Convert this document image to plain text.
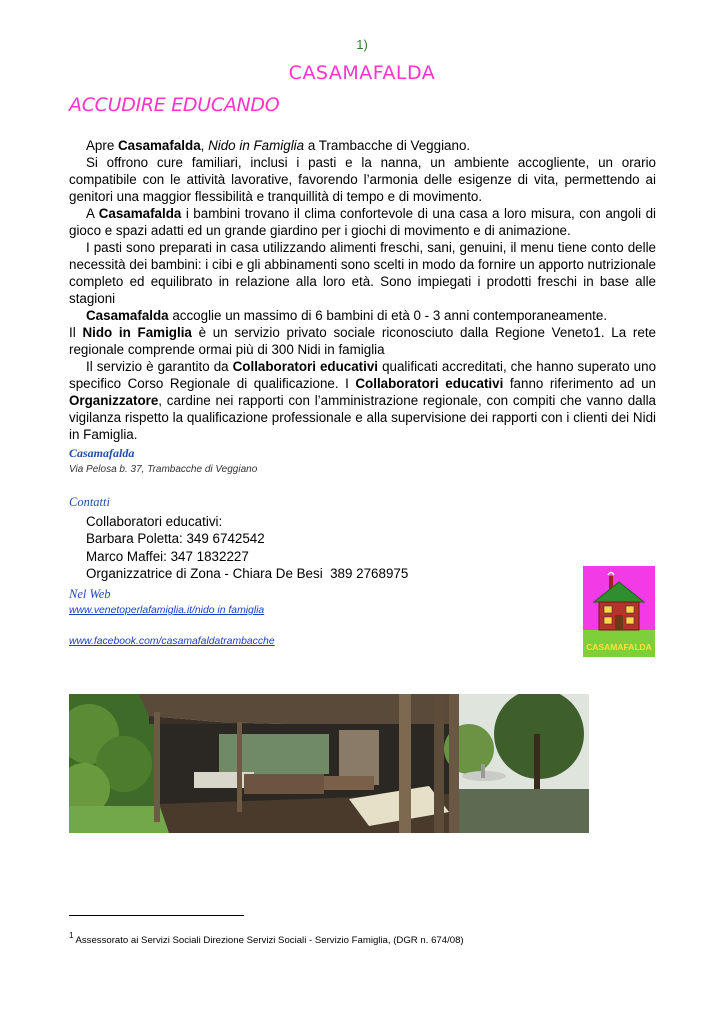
1)
CASAMAFALDA
ACCUDIRE EDUCANDO

Apre Casamafalda, Nido in Famiglia a Trambacche di Veggiano.

Si offrono cure familiari, inclusi i pasti e la nanna, un ambiente accogliente, un orario compatibile con le attività lavorative, favorendo l’armonia delle esigenze di vita, permettendo ai genitori una maggior flessibilità e tranquillità di tempo e di movimento.

A Casamafalda i bambini trovano il clima confortevole di una casa a loro misura, con angoli di gioco e spazi adatti ed un grande giardino per i giochi di movimento e di animazione.

I pasti sono preparati in casa utilizzando alimenti freschi, sani, genuini, il menu tiene conto delle necessità dei bambini: i cibi e gli abbinamenti sono scelti in modo da fornire un apporto nutrizionale completo ed equilibrato in relazione alla loro età. Sono impiegati i prodotti freschi in base alle stagioni

Casamafalda accoglie un massimo di 6 bambini di età 0 - 3 anni contemporaneamente.

Il Nido in Famiglia è un servizio privato sociale riconosciuto dalla Regione Veneto1. La rete regionale comprende ormai più di 300 Nidi in famiglia

Il servizio è garantito da Collaboratori educativi qualificati accreditati, che hanno superato uno specifico Corso Regionale di qualificazione. I Collaboratori educativi fanno riferimento ad un Organizzatore, cardine nei rapporti con l’amministrazione regionale, con compiti che vanno dalla vigilanza rispetto la qualificazione professionale e alla supervisione dei rapporti con i clienti dei Nidi in Famiglia.

Casamafalda
Via Pelosa b. 37, Trambacche di Veggiano
Contatti
Collaboratori educativi:
Barbara Poletta: 349 6742542
Marco Maffei: 347 1832227
Organizzatrice di Zona - Chiara De Besi  389 2768975
Nel Web
www.venetoperlafamiglia.it/nido in famiglia
www.facebook.com/casamafaldatrambacche	CASAMAFALDA
$^1$ Assessorato ai Servizi Sociali Direzione Servizi Sociali - Servizio Famiglia, (DGR n. 674/08)
